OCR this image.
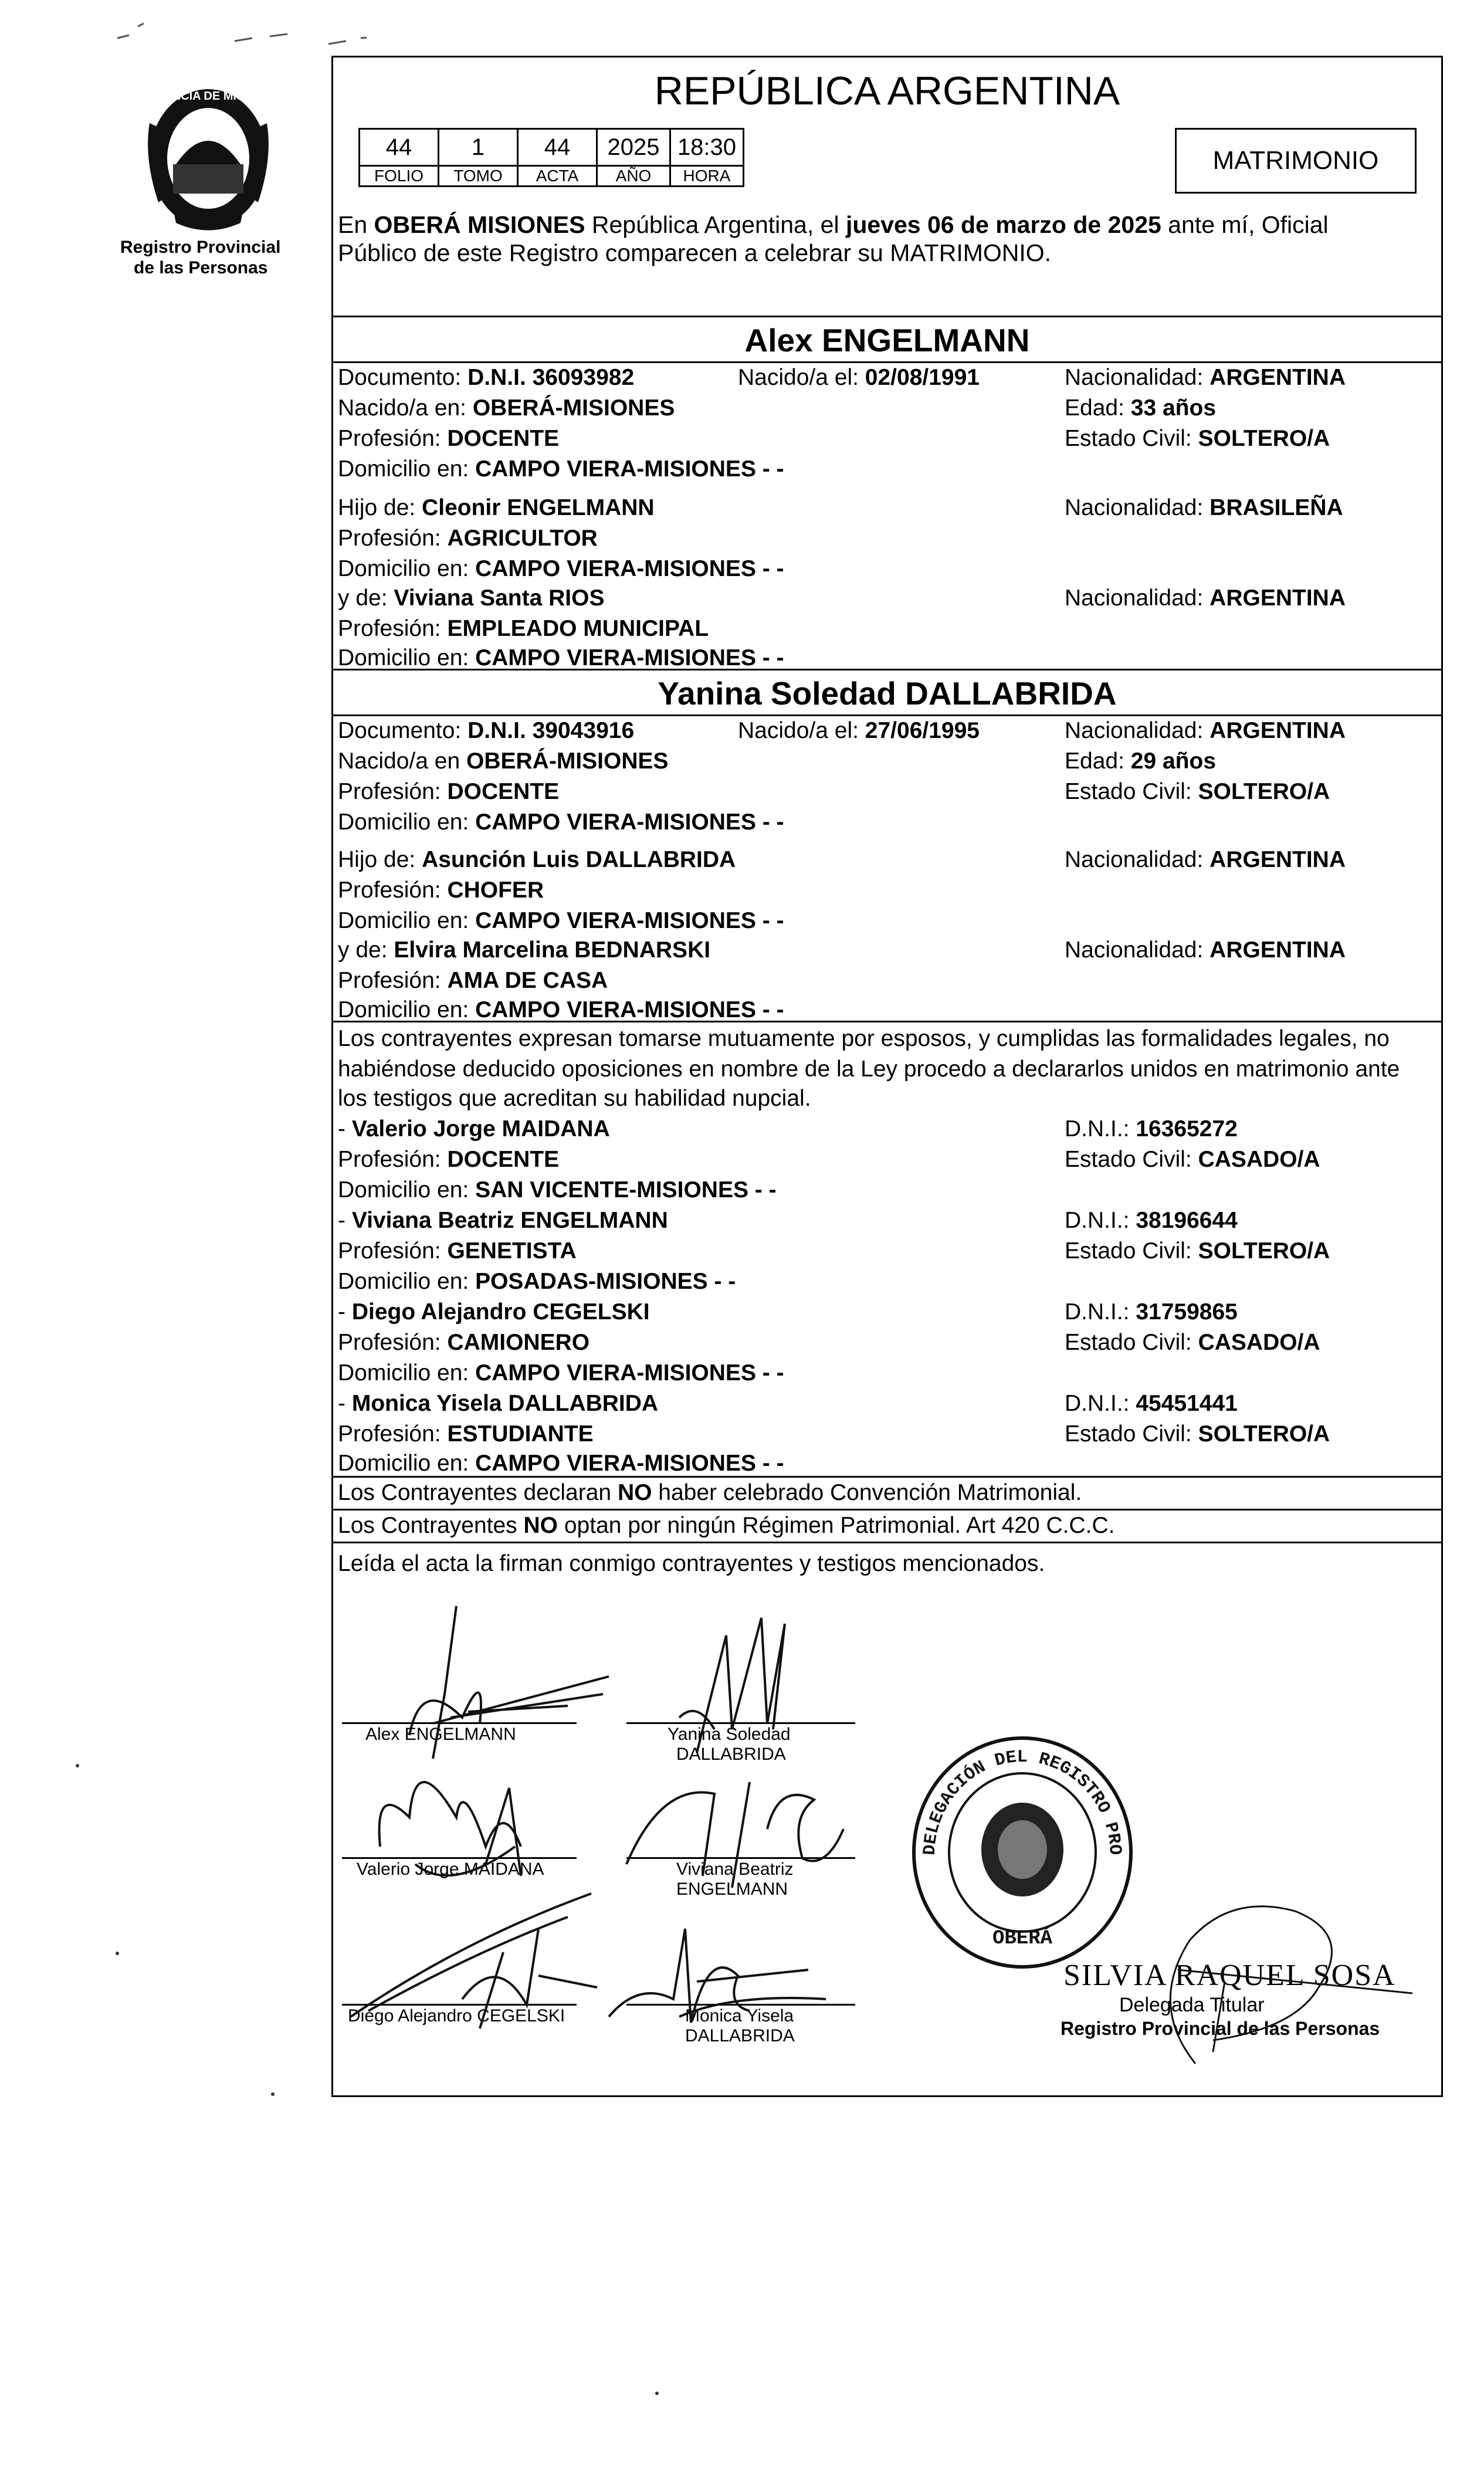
PROVINCIA DE MISIONES
Registro Provincial
de las Personas
REPÚBLICA ARGENTINA
44	1	44	2025	18:30
FOLIO	TOMO	ACTA	AÑO	HORA
MATRIMONIO
En OBERÁ MISIONES República Argentina, el jueves 06 de marzo de 2025 ante mí, Oficial
Público de este Registro comparecen a celebrar su MATRIMONIO.
Alex ENGELMANN
Documento: D.N.I. 36093982	Nacido/a el: 02/08/1991	Nacionalidad: ARGENTINA
Nacido/a en: OBERÁ-MISIONES	Edad: 33 años
Profesión: DOCENTE	Estado Civil: SOLTERO/A
Domicilio en: CAMPO VIERA-MISIONES - -
Hijo de: Cleonir ENGELMANN	Nacionalidad: BRASILEÑA
Profesión: AGRICULTOR
Domicilio en: CAMPO VIERA-MISIONES - -
y de: Viviana Santa RIOS	Nacionalidad: ARGENTINA
Profesión: EMPLEADO MUNICIPAL
Domicilio en: CAMPO VIERA-MISIONES - -
Yanina Soledad DALLABRIDA
Documento: D.N.I. 39043916	Nacido/a el: 27/06/1995	Nacionalidad: ARGENTINA
Nacido/a en OBERÁ-MISIONES	Edad: 29 años
Profesión: DOCENTE	Estado Civil: SOLTERO/A
Domicilio en: CAMPO VIERA-MISIONES - -
Hijo de: Asunción Luis DALLABRIDA	Nacionalidad: ARGENTINA
Profesión: CHOFER
Domicilio en: CAMPO VIERA-MISIONES - -
y de: Elvira Marcelina BEDNARSKI	Nacionalidad: ARGENTINA
Profesión: AMA DE CASA
Domicilio en: CAMPO VIERA-MISIONES - -
Los contrayentes expresan tomarse mutuamente por esposos, y cumplidas las formalidades legales, no
habiéndose deducido oposiciones en nombre de la Ley procedo a declararlos unidos en matrimonio ante
los testigos que acreditan su habilidad nupcial.
- Valerio Jorge MAIDANA	D.N.I.: 16365272
Profesión: DOCENTE	Estado Civil: CASADO/A
Domicilio en: SAN VICENTE-MISIONES - -
- Viviana Beatriz ENGELMANN	D.N.I.: 38196644
Profesión: GENETISTA	Estado Civil: SOLTERO/A
Domicilio en: POSADAS-MISIONES - -
- Diego Alejandro CEGELSKI	D.N.I.: 31759865
Profesión: CAMIONERO	Estado Civil: CASADO/A
Domicilio en: CAMPO VIERA-MISIONES - -
- Monica Yisela DALLABRIDA	D.N.I.: 45451441
Profesión: ESTUDIANTE	Estado Civil: SOLTERO/A
Domicilio en: CAMPO VIERA-MISIONES - -
Los Contrayentes declaran NO haber celebrado Convención Matrimonial.
Los Contrayentes NO optan por ningún Régimen Patrimonial. Art 420 C.C.C.
Leída el acta la firman conmigo contrayentes y testigos mencionados.
Alex ENGELMANN	Yanina Soledad
DALLABRIDA
Valerio Jorge MAIDANA	Viviana Beatriz
ENGELMANN
Diego Alejandro CEGELSKI	Monica Yisela
DALLABRIDA
DELEGACIÓN DEL REGISTRO PROVINCIAL DE LAS PERSONAS
OBERÁ
SILVIA RAQUEL SOSA
Delegada Titular
Registro Provincial de las Personas
